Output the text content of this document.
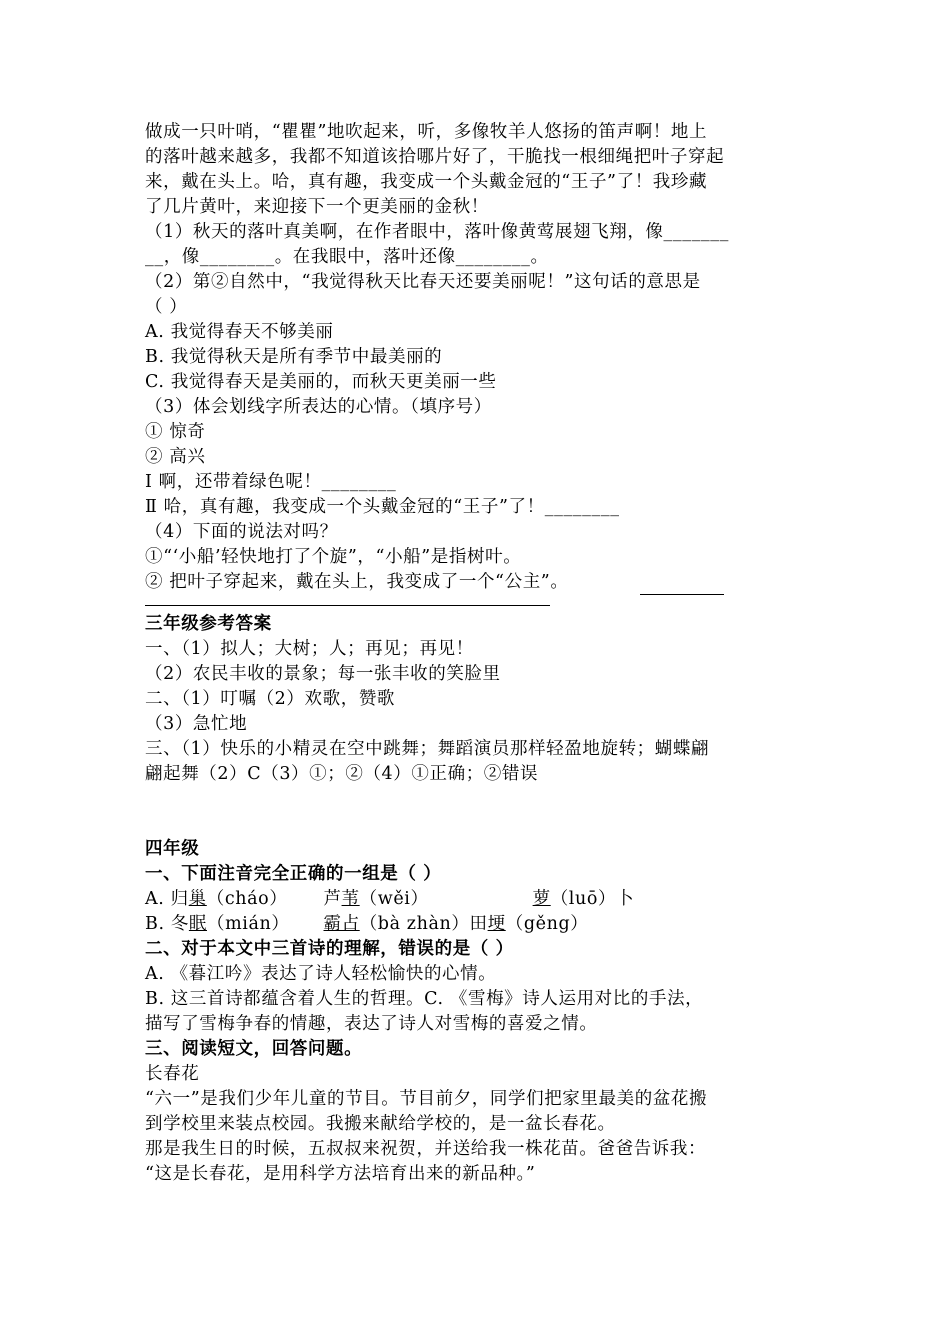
做成一只叶哨，“瞿瞿”地吹起来，听，多像牧羊人悠扬的笛声啊！地上
的落叶越来越多，我都不知道该拾哪片好了，干脆找一根细绳把叶子穿起
来，戴在头上。哈，真有趣，我变成一个头戴金冠的“王子”了！我珍藏
了几片黄叶，来迎接下一个更美丽的金秋！
（1）秋天的落叶真美啊，在作者眼中，落叶像黄莺展翅飞翔，像_______
__，像________。在我眼中，落叶还像________。
（2）第②自然中，“我觉得秋天比春天还要美丽呢！”这句话的意思是
（ ）
A. 我觉得春天不够美丽
B. 我觉得秋天是所有季节中最美丽的
C. 我觉得春天是美丽的，而秋天更美丽一些
（3）体会划线字所表达的心情。（填序号）
① 惊奇
② 高兴
Ⅰ 啊，还带着绿色呢！________
Ⅱ 哈，真有趣，我变成一个头戴金冠的“王子”了！________
（4）下面的说法对吗？
①“‘小船’轻快地打了个旋”，“小船”是指树叶。
② 把叶子穿起来，戴在头上，我变成了一个“公主”。
三年级参考答案
一、（1）拟人；大树；人；再见；再见！
（2）农民丰收的景象；每一张丰收的笑脸里
二、（1）叮嘱（2）欢歌，赞歌
（3）急忙地
三、（1）快乐的小精灵在空中跳舞；舞蹈演员那样轻盈地旋转；蝴蝶翩
翩起舞（2）C（3）①；②（4）①正确；②错误
四年级
一、下面注音完全正确的一组是（ ）
A. 归巢（cháo） 芦苇（wěi）	萝（luō）卜
B. 冬眠（mián） 霸占（bà zhàn）田埂（gěng）
二、对于本文中三首诗的理解，错误的是（ ）
A. 《暮江吟》表达了诗人轻松愉快的心情。
B. 这三首诗都蕴含着人生的哲理。C. 《雪梅》诗人运用对比的手法，
描写了雪梅争春的情趣，表达了诗人对雪梅的喜爱之情。
三、阅读短文，回答问题。
长春花
“六一”是我们少年儿童的节目。节目前夕，同学们把家里最美的盆花搬
到学校里来装点校园。我搬来献给学校的，是一盆长春花。
那是我生日的时候，五叔叔来祝贺，并送给我一株花苗。爸爸告诉我：
“这是长春花，是用科学方法培育出来的新品种。”
